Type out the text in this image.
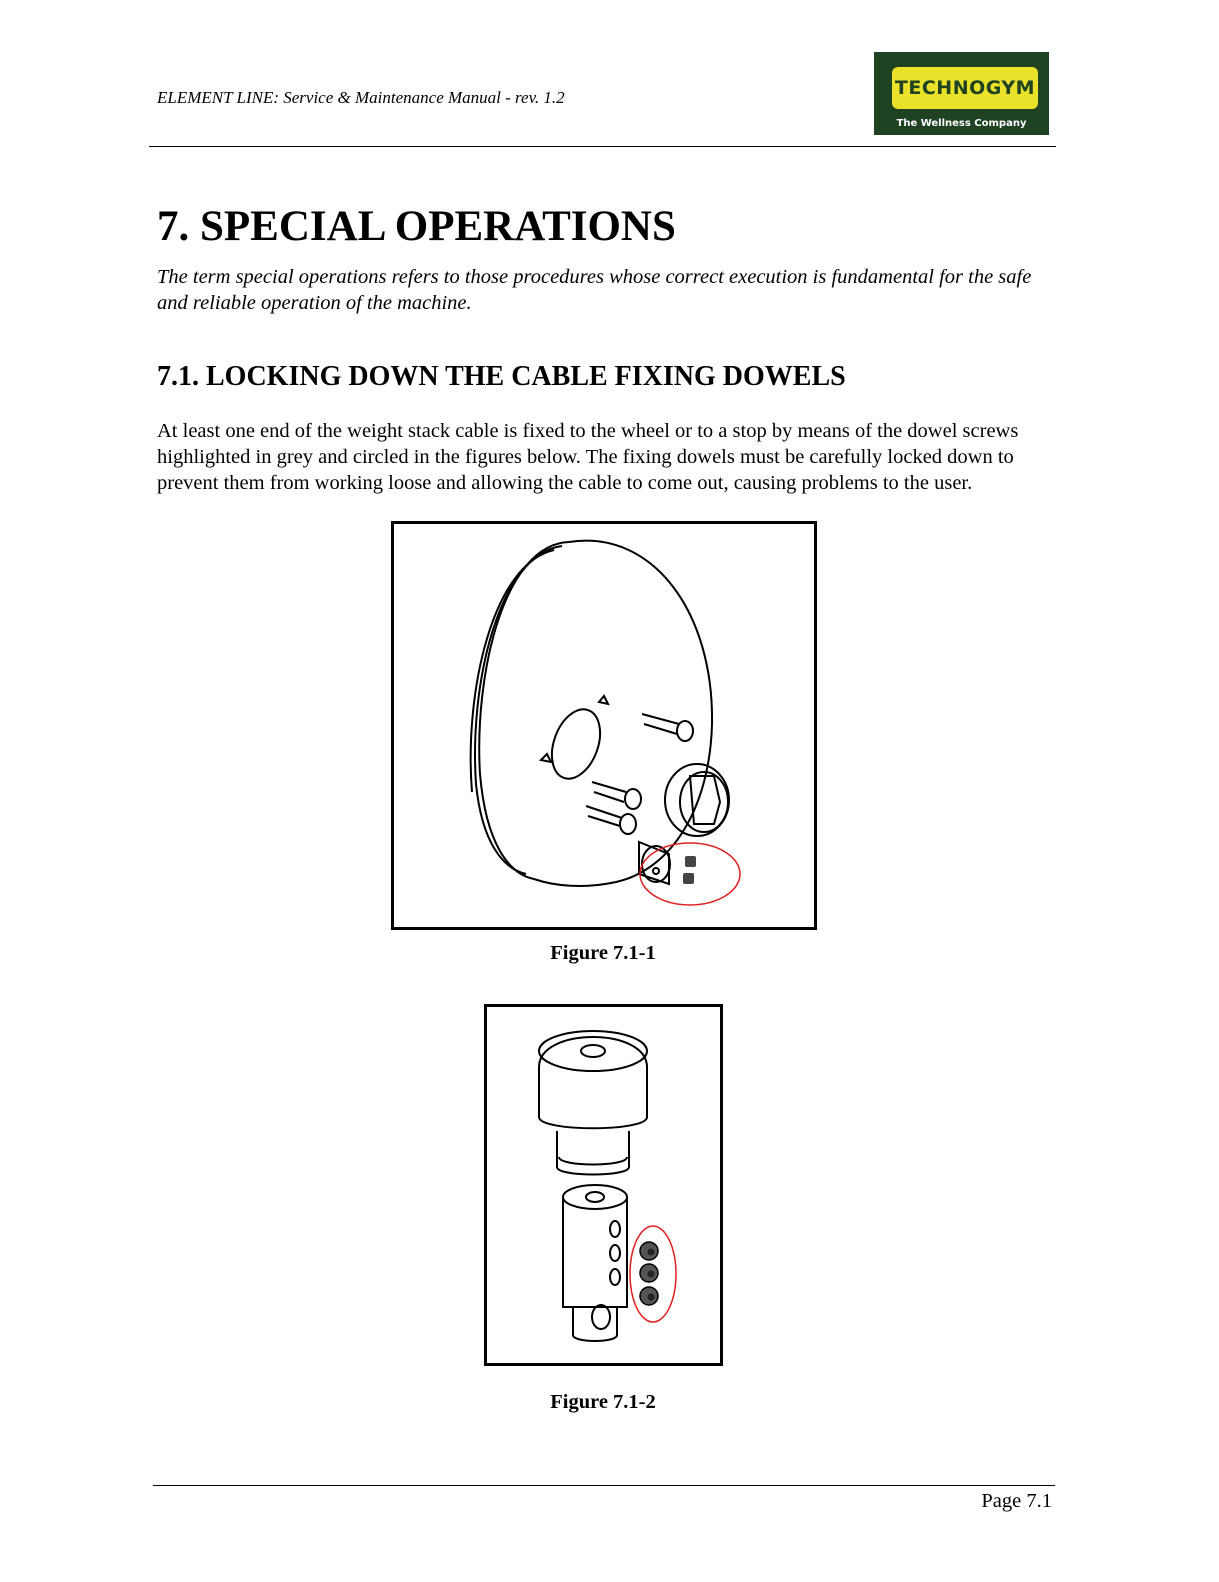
ELEMENT LINE: Service & Maintenance Manual - rev. 1.2	TECHNOGYM
The Wellness Company
7. SPECIAL OPERATIONS
The term special operations refers to those procedures whose correct execution is fundamental for the safe and reliable operation of the machine.
7.1. LOCKING DOWN THE CABLE FIXING DOWELS
At least one end of the weight stack cable is fixed to the wheel or to a stop by means of the dowel screws highlighted in grey and circled in the figures below. The fixing dowels must be carefully locked down to prevent them from working loose and allowing the cable to come out, causing problems to the user.
Figure 7.1-1
Figure 7.1-2
Page 7.1
